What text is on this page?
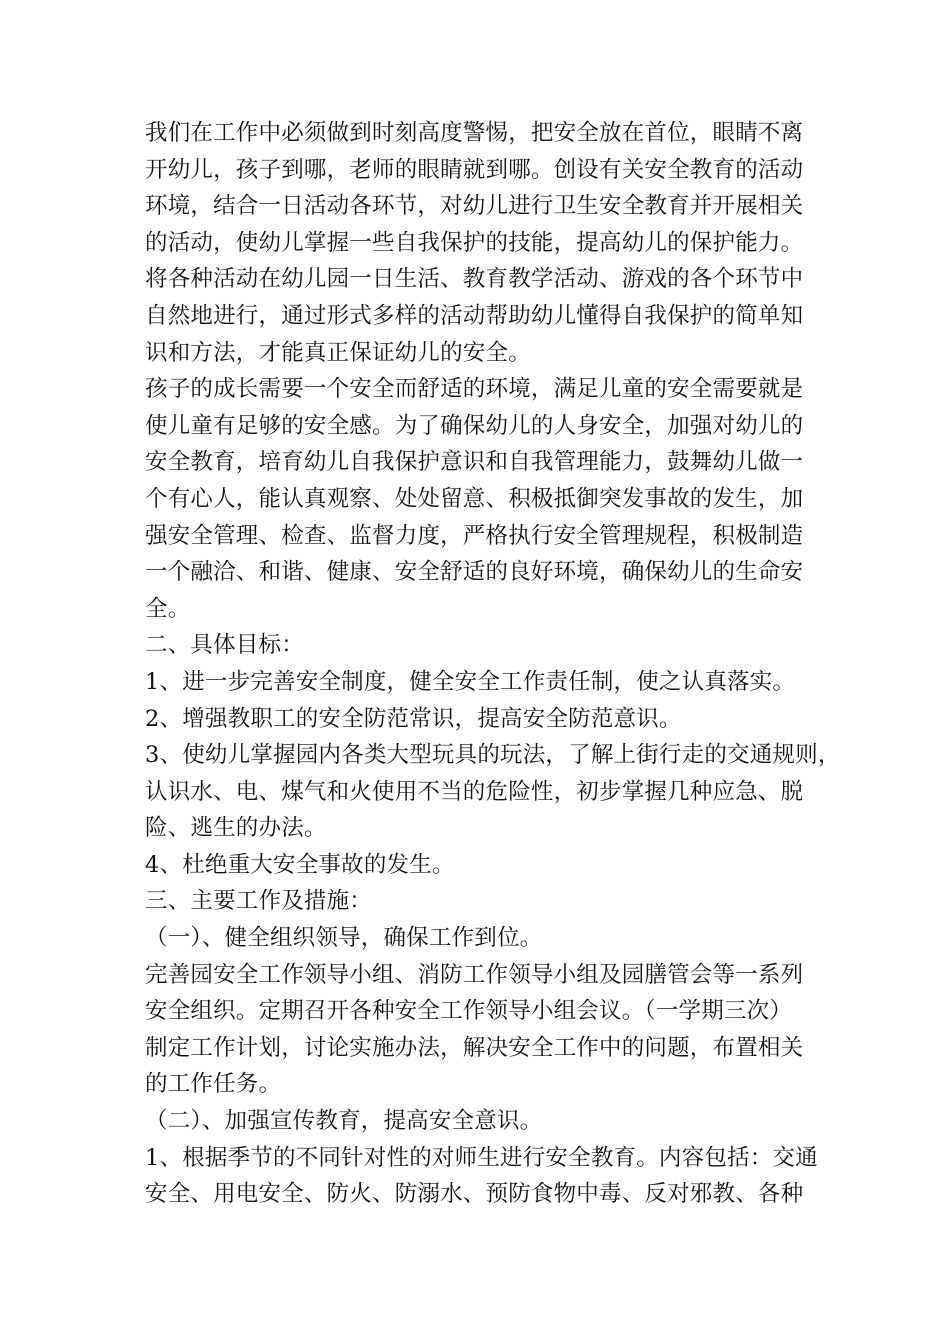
我们在工作中必须做到时刻高度警惕，把安全放在首位，眼睛不离
开幼儿，孩子到哪，老师的眼睛就到哪。创设有关安全教育的活动
环境，结合一日活动各环节，对幼儿进行卫生安全教育并开展相关
的活动，使幼儿掌握一些自我保护的技能，提高幼儿的保护能力。
将各种活动在幼儿园一日生活、教育教学活动、游戏的各个环节中
自然地进行，通过形式多样的活动帮助幼儿懂得自我保护的简单知
识和方法，才能真正保证幼儿的安全。
孩子的成长需要一个安全而舒适的环境，满足儿童的安全需要就是
使儿童有足够的安全感。为了确保幼儿的人身安全，加强对幼儿的
安全教育，培育幼儿自我保护意识和自我管理能力，鼓舞幼儿做一
个有心人，能认真观察、处处留意、积极抵御突发事故的发生，加
强安全管理、检查、监督力度，严格执行安全管理规程，积极制造
一个融洽、和谐、健康、安全舒适的良好环境，确保幼儿的生命安
全。
二、具体目标：
1、进一步完善安全制度，健全安全工作责任制，使之认真落实。
2、增强教职工的安全防范常识，提高安全防范意识。
3、使幼儿掌握园内各类大型玩具的玩法，了解上街行走的交通规则，
认识水、电、煤气和火使用不当的危险性，初步掌握几种应急、脱
险、逃生的办法。
4、杜绝重大安全事故的发生。
三、主要工作及措施：
（一）、健全组织领导，确保工作到位。
完善园安全工作领导小组、消防工作领导小组及园膳管会等一系列
安全组织。定期召开各种安全工作领导小组会议。（一学期三次）
制定工作计划，讨论实施办法，解决安全工作中的问题，布置相关
的工作任务。
（二）、加强宣传教育，提高安全意识。
1、根据季节的不同针对性的对师生进行安全教育。内容包括：交通
安全、用电安全、防火、防溺水、预防食物中毒、反对邪教、各种
